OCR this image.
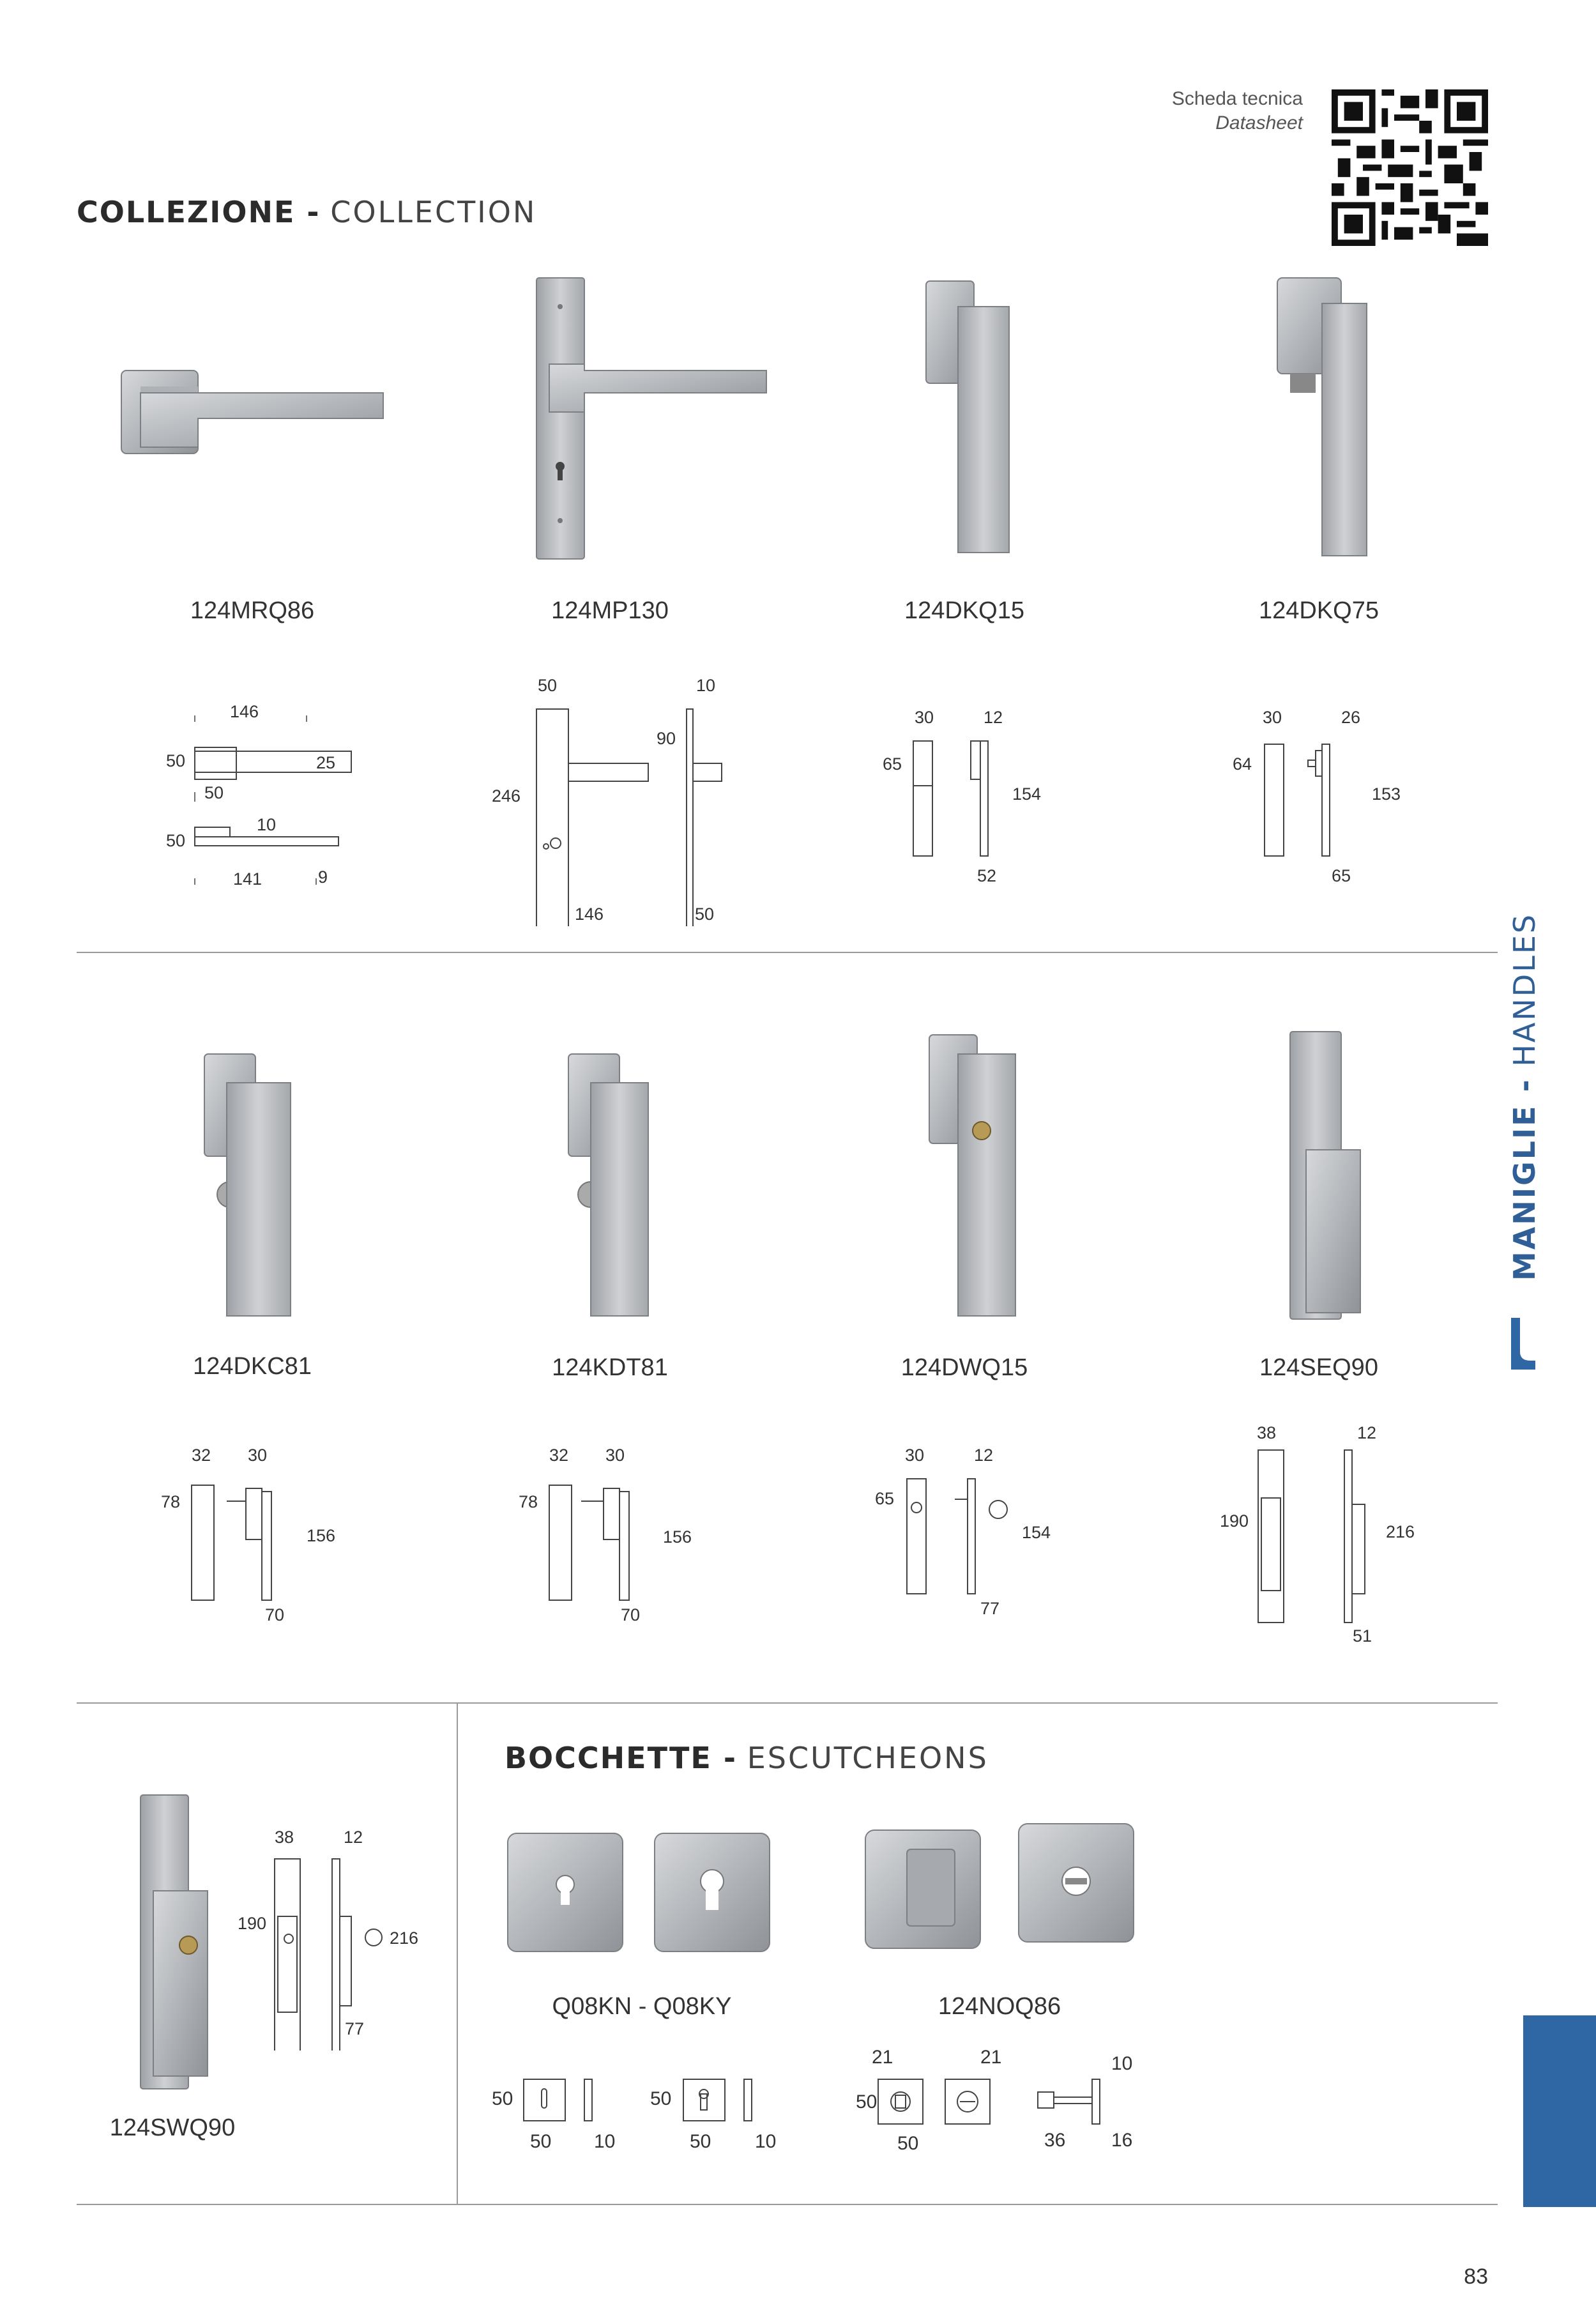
Scheda tecnica
Datasheet
COLLEZIONE - COLLECTION
124MRQ86	124MP130	124DKQ15	124DKQ75
146
50	25
50
50
10
141	9
50	10
90
246
146	50
30	12
65
154
52
30	26
64
153
65
124DKC81	124KDT81	124DWQ15	124SEQ90
32 30
78
156
70
32 30
78
156
70
30	12
65
154
77
38	12
190
216
51
38	12
190
216
77
124SWQ90
BOCCHETTE - ESCUTCHEONS
Q08KN - Q08KY	124NOQ86
50
50 10
50
50 10
21	21	10
50
50	36 16
MANIGLIE - HANDLES
83
